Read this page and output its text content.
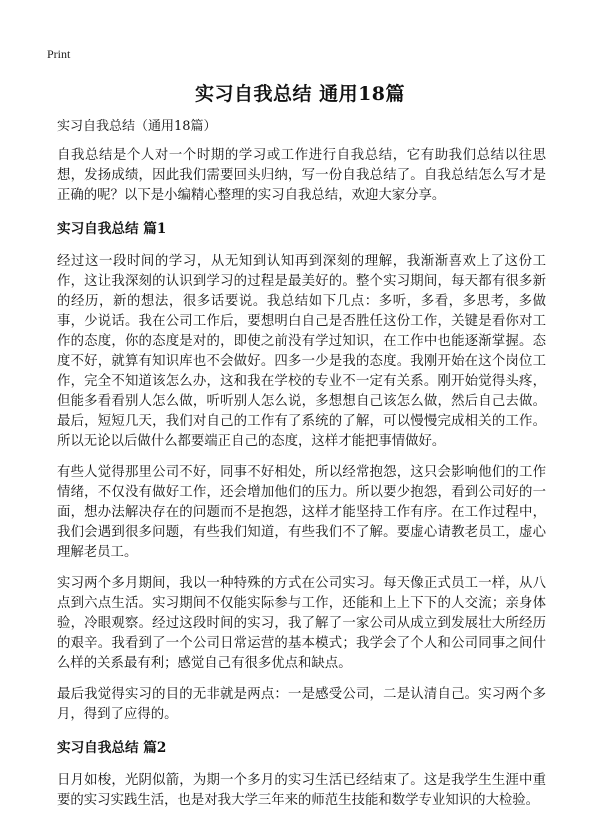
Print
实习自我总结 通用18篇
实习自我总结（通用18篇）

自我总结是个人对一个时期的学习或工作进行自我总结，它有助我们总结以往思想，发扬成绩，因此我们需要回头归纳，写一份自我总结了。自我总结怎么写才是正确的呢？以下是小编精心整理的实习自我总结，欢迎大家分享。

实习自我总结 篇1

经过这一段时间的学习，从无知到认知再到深刻的理解，我渐渐喜欢上了这份工作，这让我深刻的认识到学习的过程是最美好的。整个实习期间，每天都有很多新的经历，新的想法，很多话要说。我总结如下几点：多听，多看，多思考，多做事，少说话。我在公司工作后，要想明白自己是否胜任这份工作，关键是看你对工作的态度，你的态度是对的，即使之前没有学过知识，在工作中也能逐渐掌握。态度不好，就算有知识库也不会做好。四多一少是我的态度。我刚开始在这个岗位工作，完全不知道该怎么办，这和我在学校的专业不一定有关系。刚开始觉得头疼，但能多看看别人怎么做，听听别人怎么说，多想想自己该怎么做，然后自己去做。最后，短短几天，我们对自己的工作有了系统的了解，可以慢慢完成相关的工作。所以无论以后做什么都要端正自己的态度，这样才能把事情做好。

有些人觉得那里公司不好，同事不好相处，所以经常抱怨，这只会影响他们的工作情绪，不仅没有做好工作，还会增加他们的压力。所以要少抱怨，看到公司好的一面，想办法解决存在的问题而不是抱怨，这样才能坚持工作有序。在工作过程中，我们会遇到很多问题，有些我们知道，有些我们不了解。要虚心请教老员工，虚心理解老员工。

实习两个多月期间，我以一种特殊的方式在公司实习。每天像正式员工一样，从八点到六点生活。实习期间不仅能实际参与工作，还能和上上下下的人交流；亲身体验，冷眼观察。经过这段时间的实习，我了解了一家公司从成立到发展壮大所经历的艰辛。我看到了一个公司日常运营的基本模式；我学会了个人和公司同事之间什么样的关系最有利；感觉自己有很多优点和缺点。

最后我觉得实习的目的无非就是两点：一是感受公司，二是认清自己。实习两个多月，得到了应得的。

实习自我总结 篇2

日月如梭，光阴似箭，为期一个多月的实习生活已经结束了。这是我学生生涯中重要的实习实践生活，也是对我大学三年来的师范生技能和数学专业知识的大检验。
